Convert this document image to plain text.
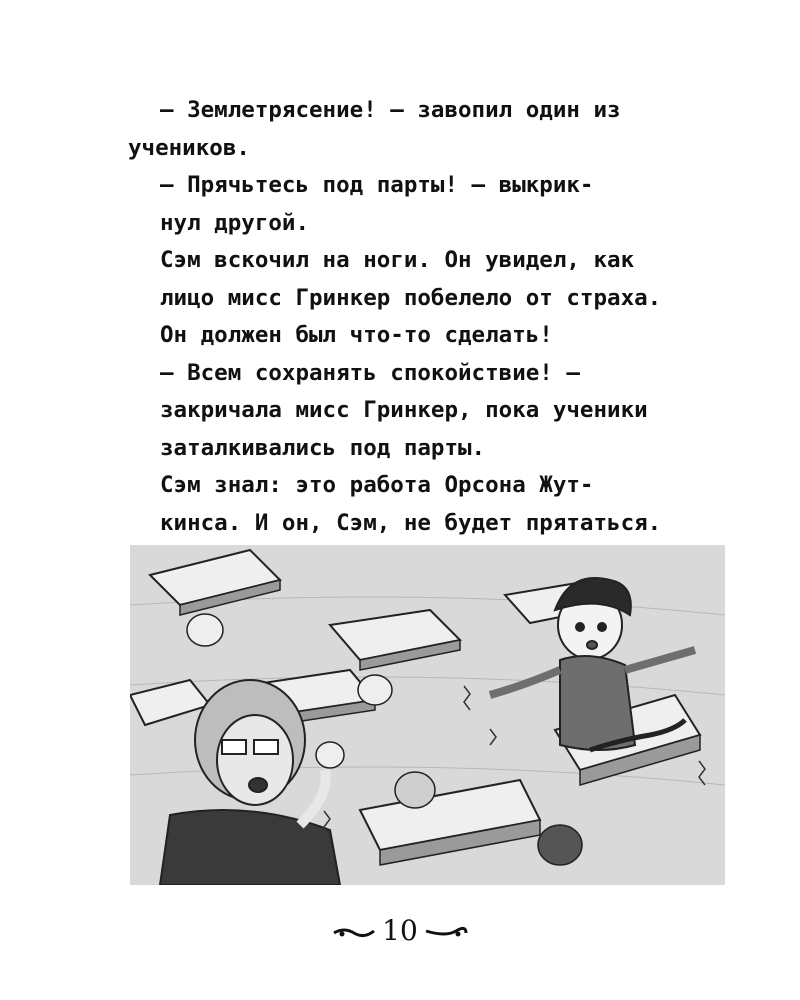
— Землетрясение! — завопил один из
учеников.

— Прячьтесь под парты! — выкрик-
нул другой.

Сэм вскочил на ноги. Он увидел, как
лицо мисс Гринкер побелело от страха.
Он должен был что-то сделать!

— Всем сохранять спокойствие! —
закричала мисс Гринкер, пока ученики
заталкивались под парты.

Сэм знал: это работа Орсона Жут-
кинса. И он, Сэм, не будет прятаться.

10
